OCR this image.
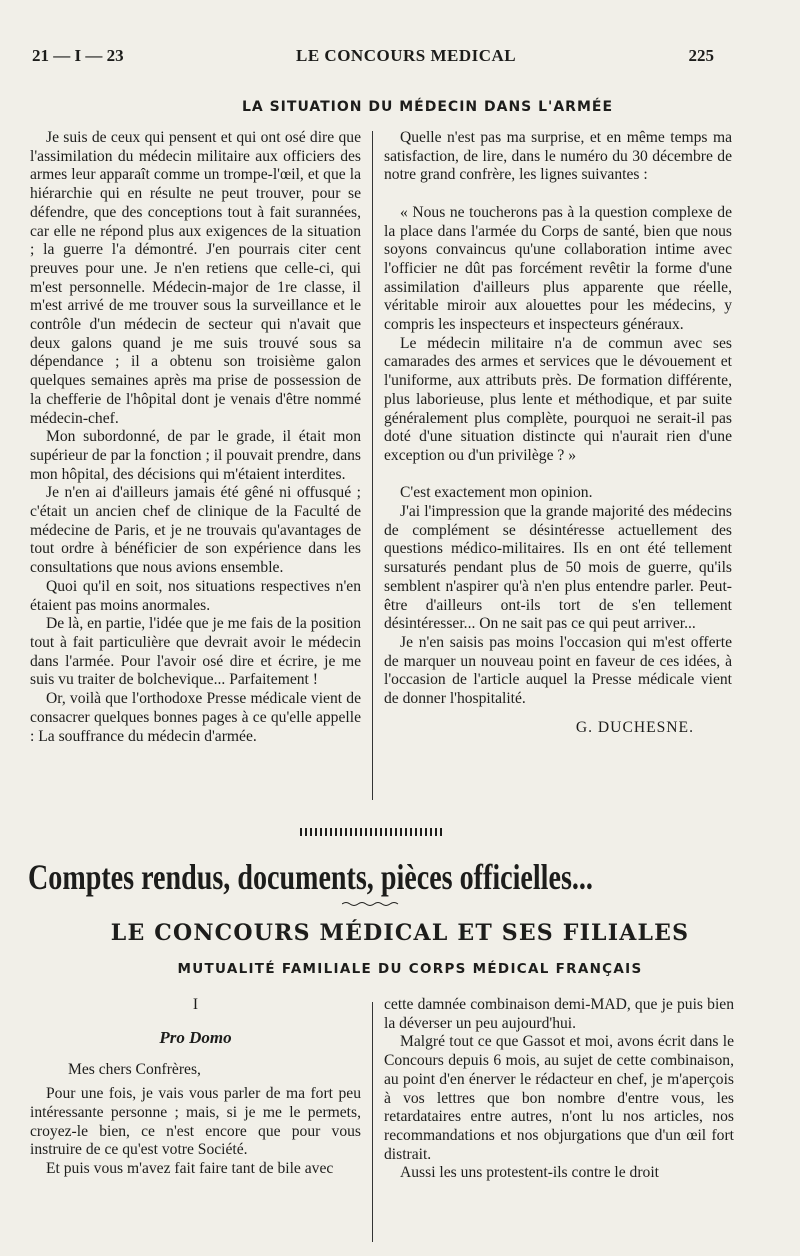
21 — I — 23	LE CONCOURS MEDICAL	225
LA SITUATION DU MÉDECIN DANS L'ARMÉE

Je suis de ceux qui pensent et qui ont osé dire que l'assimilation du médecin militaire aux officiers des armes leur apparaît comme un trompe-l'œil, et que la hiérarchie qui en résulte ne peut trouver, pour se défendre, que des conceptions tout à fait surannées, car elle ne répond plus aux exigences de la situation ; la guerre l'a démontré. J'en pourrais citer cent preuves pour une. Je n'en retiens que celle-ci, qui m'est personnelle. Médecin-major de 1re classe, il m'est arrivé de me trouver sous la surveillance et le contrôle d'un médecin de secteur qui n'avait que deux galons quand je me suis trouvé sous sa dépendance ; il a obtenu son troisième galon quelques semaines après ma prise de possession de la chefferie de l'hôpital dont je venais d'être nommé médecin-chef.

Mon subordonné, de par le grade, il était mon supérieur de par la fonction ; il pouvait prendre, dans mon hôpital, des décisions qui m'étaient interdites.

Je n'en ai d'ailleurs jamais été gêné ni offusqué ; c'était un ancien chef de clinique de la Faculté de médecine de Paris, et je ne trouvais qu'avantages de tout ordre à bénéficier de son expérience dans les consultations que nous avions ensemble.

Quoi qu'il en soit, nos situations respectives n'en étaient pas moins anormales.

De là, en partie, l'idée que je me fais de la position tout à fait particulière que devrait avoir le médecin dans l'armée. Pour l'avoir osé dire et écrire, je me suis vu traiter de bolchevique... Parfaitement !

Or, voilà que l'orthodoxe Presse médicale vient de consacrer quelques bonnes pages à ce qu'elle appelle : La souffrance du médecin d'armée.

Quelle n'est pas ma surprise, et en même temps ma satisfaction, de lire, dans le numéro du 30 décembre de notre grand confrère, les lignes suivantes :

« Nous ne toucherons pas à la question complexe de la place dans l'armée du Corps de santé, bien que nous soyons convaincus qu'une collaboration intime avec l'officier ne dût pas forcément revêtir la forme d'une assimilation d'ailleurs plus apparente que réelle, véritable miroir aux alouettes pour les médecins, y compris les inspecteurs et inspecteurs généraux.

Le médecin militaire n'a de commun avec ses camarades des armes et services que le dévouement et l'uniforme, aux attributs près. De formation différente, plus laborieuse, plus lente et méthodique, et par suite généralement plus complète, pourquoi ne serait-il pas doté d'une situation distincte qui n'aurait rien d'une exception ou d'un privilège ? »

C'est exactement mon opinion.

J'ai l'impression que la grande majorité des médecins de complément se désintéresse actuellement des questions médico-militaires. Ils en ont été tellement sursaturés pendant plus de 50 mois de guerre, qu'ils semblent n'aspirer qu'à n'en plus entendre parler. Peut-être d'ailleurs ont-ils tort de s'en tellement désintéresser... On ne sait pas ce qui peut arriver...

Je n'en saisis pas moins l'occasion qui m'est offerte de marquer un nouveau point en faveur de ces idées, à l'occasion de l'article auquel la Presse médicale vient de donner l'hospitalité.

G. DUCHESNE.

Comptes rendus, documents, pièces officielles...
LE CONCOURS MÉDICAL ET SES FILIALES
MUTUALITÉ FAMILIALE DU CORPS MÉDICAL FRANÇAIS

I

Pro Domo

Mes chers Confrères,

Pour une fois, je vais vous parler de ma fort peu intéressante personne ; mais, si je me le permets, croyez-le bien, ce n'est encore que pour vous instruire de ce qu'est votre Société.

Et puis vous m'avez fait faire tant de bile avec

cette damnée combinaison demi-MAD, que je puis bien la déverser un peu aujourd'hui.

Malgré tout ce que Gassot et moi, avons écrit dans le Concours depuis 6 mois, au sujet de cette combinaison, au point d'en énerver le rédacteur en chef, je m'aperçois à vos lettres que bon nombre d'entre vous, les retardataires entre autres, n'ont lu nos articles, nos recommandations et nos objurgations que d'un œil fort distrait.

Aussi les uns protestent-ils contre le droit
